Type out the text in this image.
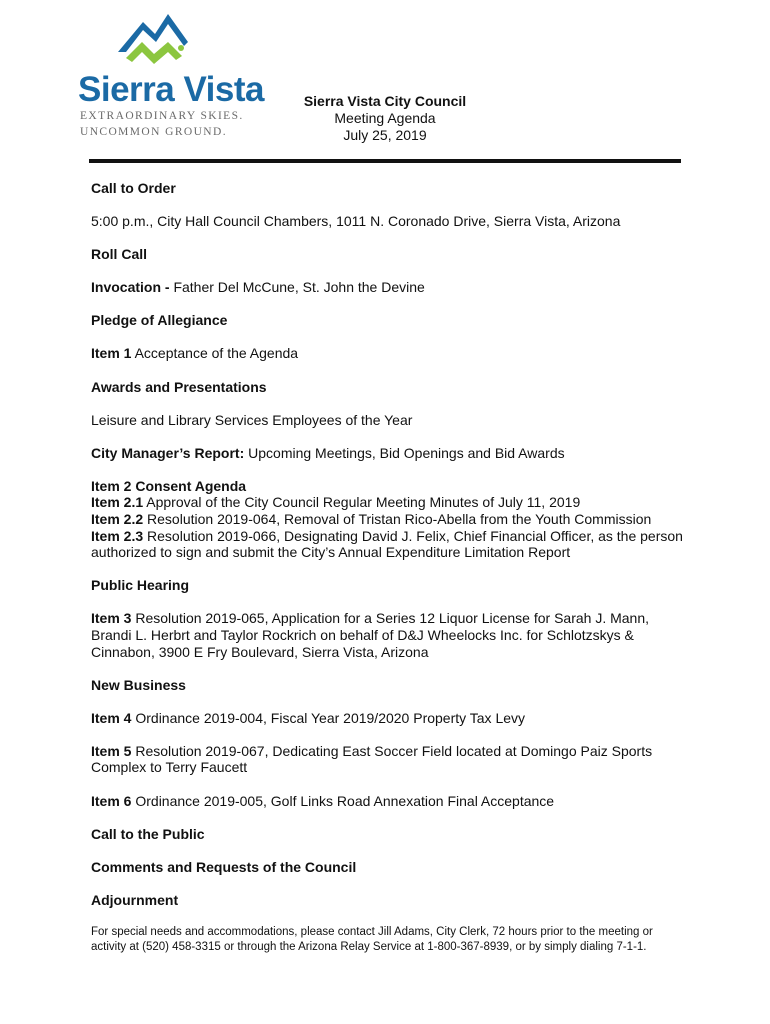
Sierra Vista
EXTRAORDINARY SKIES.
UNCOMMON GROUND.
Sierra Vista City Council
Meeting Agenda
July 25, 2019

Call to Order

5:00 p.m., City Hall Council Chambers, 1011 N. Coronado Drive, Sierra Vista, Arizona

Roll Call

Invocation - Father Del McCune, St. John the Devine

Pledge of Allegiance

Item 1 Acceptance of the Agenda

Awards and Presentations

Leisure and Library Services Employees of the Year

City Manager’s Report: Upcoming Meetings, Bid Openings and Bid Awards

Item 2 Consent Agenda
Item 2.1 Approval of the City Council Regular Meeting Minutes of July 11, 2019
Item 2.2 Resolution 2019-064, Removal of Tristan Rico-Abella from the Youth Commission
Item 2.3 Resolution 2019-066, Designating David J. Felix, Chief Financial Officer, as the person authorized to sign and submit the City’s Annual Expenditure Limitation Report

Public Hearing

Item 3 Resolution 2019-065, Application for a Series 12 Liquor License for Sarah J. Mann, Brandi L. Herbrt and Taylor Rockrich on behalf of D&J Wheelocks Inc. for Schlotzskys & Cinnabon, 3900 E Fry Boulevard, Sierra Vista, Arizona

New Business

Item 4 Ordinance 2019-004, Fiscal Year 2019/2020 Property Tax Levy

Item 5 Resolution 2019-067, Dedicating East Soccer Field located at Domingo Paiz Sports Complex to Terry Faucett

Item 6 Ordinance 2019-005, Golf Links Road Annexation Final Acceptance

Call to the Public

Comments and Requests of the Council

Adjournment

For special needs and accommodations, please contact Jill Adams, City Clerk, 72 hours prior to the meeting or activity at (520) 458-3315 or through the Arizona Relay Service at 1-800-367-8939, or by simply dialing 7-1-1.
